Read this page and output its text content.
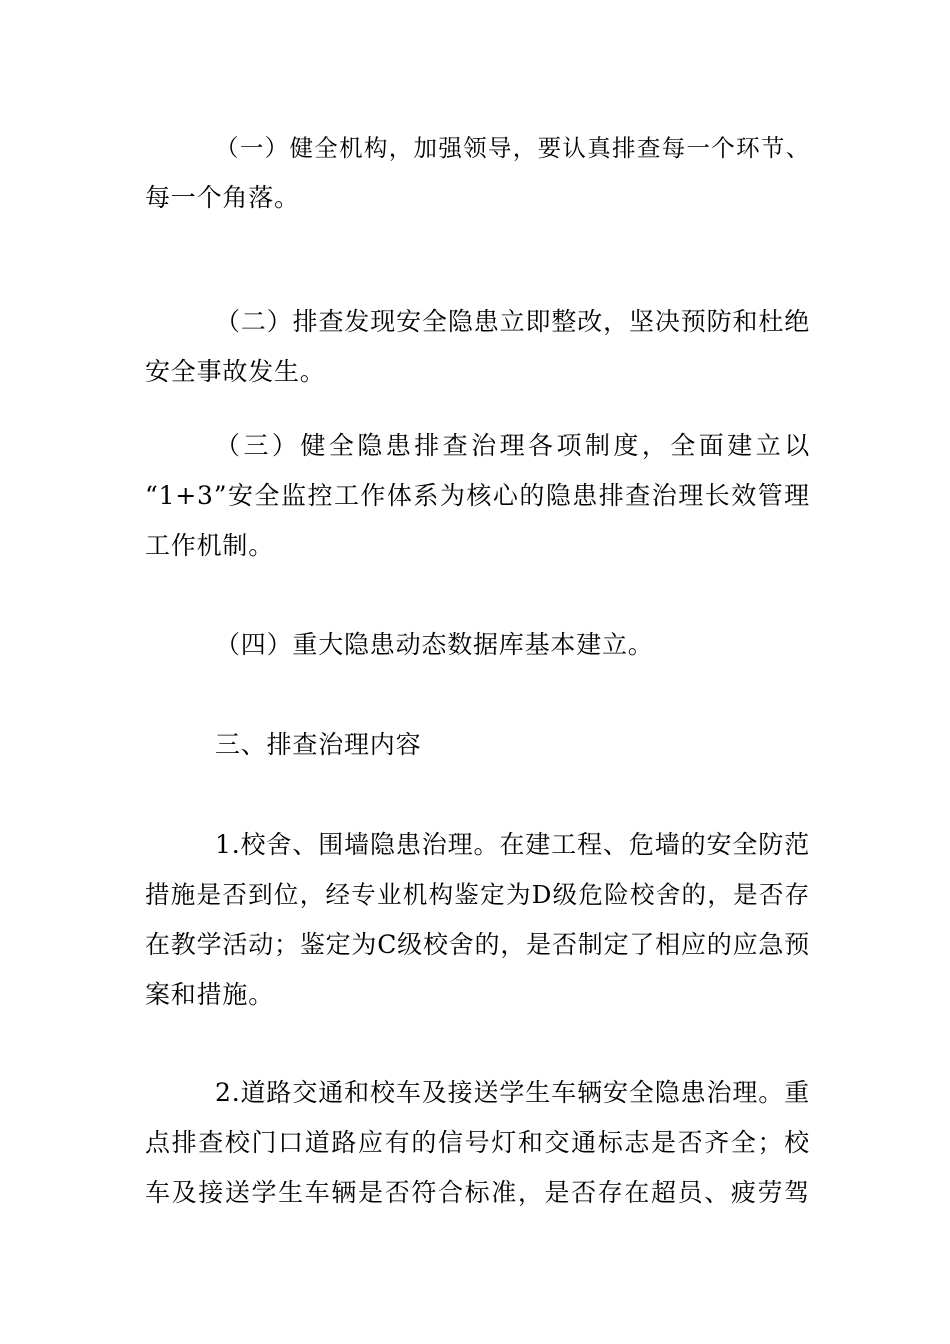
（一）健全机构，加强领导，要认真排查每一个环节、
每一个角落。
（二）排查发现安全隐患立即整改，坚决预防和杜绝
安全事故发生。
（三）健全隐患排查治理各项制度，全面建立以
“1+3”安全监控工作体系为核心的隐患排查治理长效管理
工作机制。
（四）重大隐患动态数据库基本建立。
三、排查治理内容
1.校舍、围墙隐患治理。在建工程、危墙的安全防范
措施是否到位，经专业机构鉴定为D级危险校舍的，是否存
在教学活动；鉴定为C级校舍的，是否制定了相应的应急预
案和措施。
2.道路交通和校车及接送学生车辆安全隐患治理。重
点排查校门口道路应有的信号灯和交通标志是否齐全；校
车及接送学生车辆是否符合标准，是否存在超员、疲劳驾
